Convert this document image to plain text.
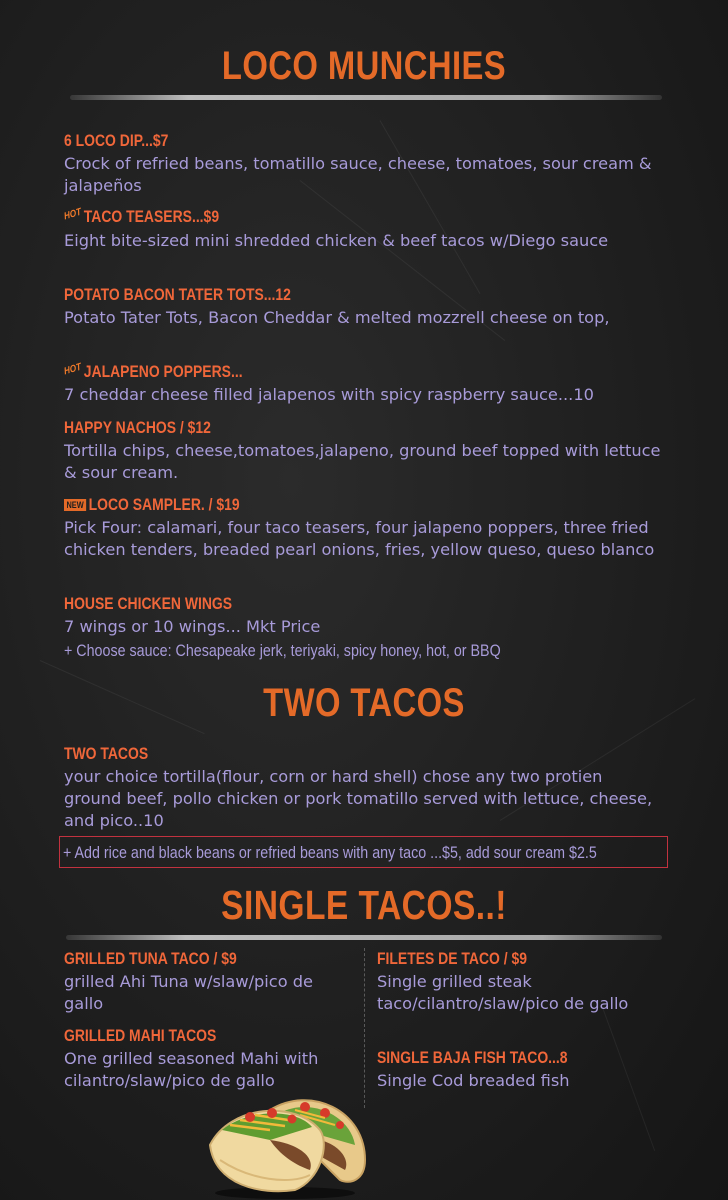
LOCO MUNCHIES
6 LOCO DIP...$7
Crock of refried beans, tomatillo sauce, cheese, tomatoes, sour cream & jalapeños
HOTTACO TEASERS...$9
Eight bite-sized mini shredded chicken & beef tacos w/Diego sauce
POTATO BACON TATER TOTS...12
Potato Tater Tots, Bacon Cheddar & melted mozzrell cheese on top,
HOTJALAPENO POPPERS...
7 cheddar cheese filled jalapenos with spicy raspberry sauce...10
HAPPY NACHOS / $12
Tortilla chips, cheese,tomatoes,jalapeno, ground beef topped with lettuce & sour cream.
NEW LOCO SAMPLER. / $19
Pick Four: calamari, four taco teasers, four jalapeno poppers, three fried chicken tenders, breaded pearl onions, fries, yellow queso, queso blanco
HOUSE CHICKEN WINGS
7 wings or 10 wings... Mkt Price
+ Choose sauce: Chesapeake jerk, teriyaki, spicy honey, hot, or BBQ
TWO TACOS
TWO TACOS
your choice tortilla(flour, corn or hard shell) chose any two protien ground beef, pollo chicken or pork tomatillo served with lettuce, cheese, and pico..10
+ Add rice and black beans or refried beans with any taco ...$5, add sour cream $2.5
SINGLE TACOS..!
GRILLED TUNA TACO / $9
grilled Ahi Tuna w/slaw/pico de gallo
GRILLED MAHI TACOS
One grilled seasoned Mahi with cilantro/slaw/pico de gallo
FILETES DE TACO / $9
Single grilled steak taco/cilantro/slaw/pico de gallo
SINGLE BAJA FISH TACO...8
Single Cod breaded fish
